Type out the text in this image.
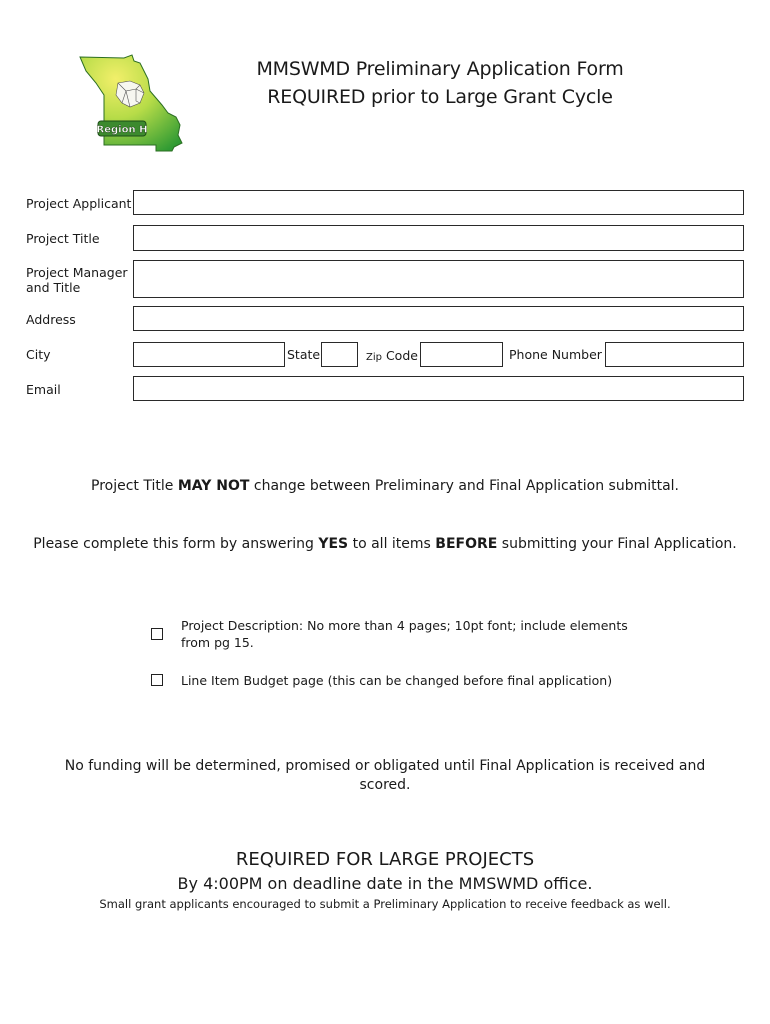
Region H
MMSWMD Preliminary Application Form
REQUIRED prior to Large Grant Cycle
Project Applicant
Project Title
Project Manager
and Title
Address
City	State	Zip Code	Phone Number
Email
Project Title MAY NOT change between Preliminary and Final Application submittal.
Please complete this form by answering YES to all items BEFORE submitting your Final Application.
Project Description: No more than 4 pages; 10pt font; include elements
from pg 15.
Line Item Budget page (this can be changed before final application)
No funding will be determined, promised or obligated until Final Application is received and
scored.
REQUIRED FOR LARGE PROJECTS
By 4:00PM on deadline date in the MMSWMD office.
Small grant applicants encouraged to submit a Preliminary Application to receive feedback as well.
